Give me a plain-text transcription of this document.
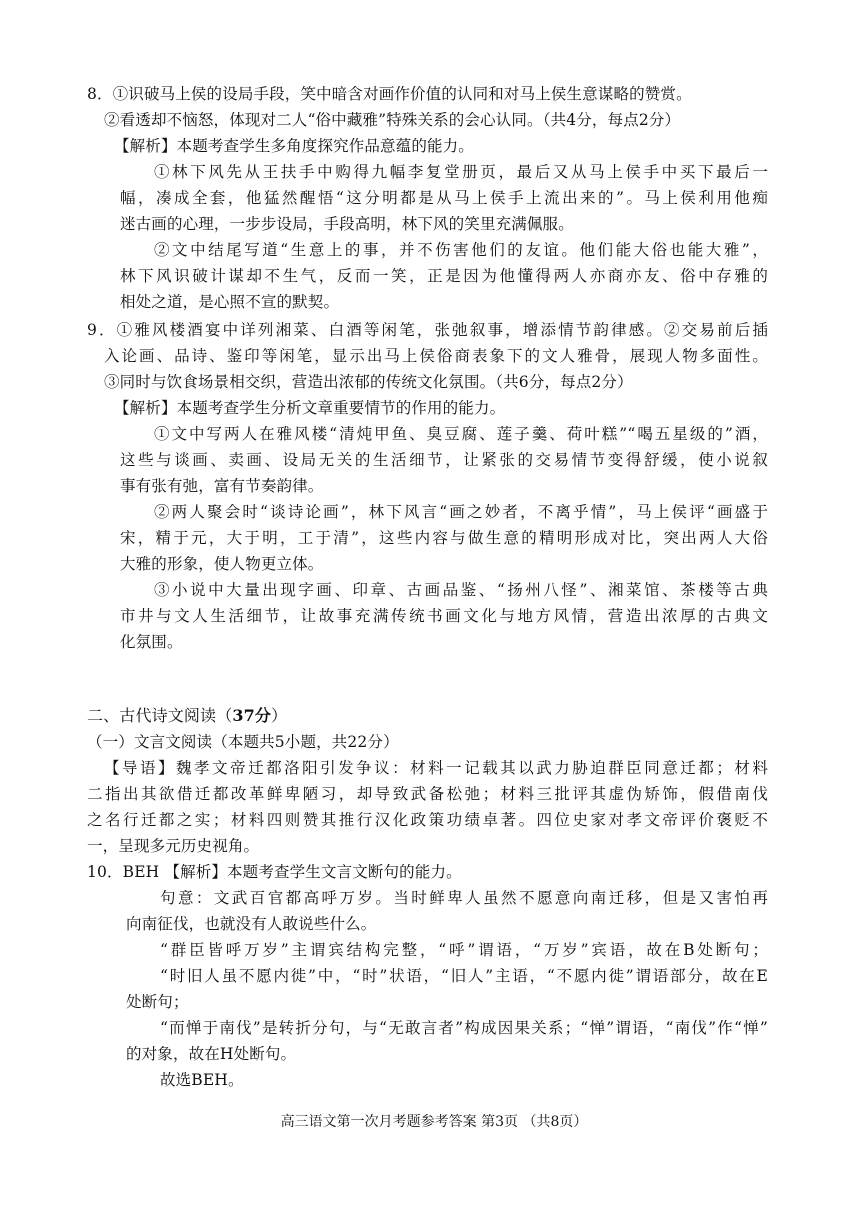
8．①识破马上侯的设局手段，笑中暗含对画作价值的认同和对马上侯生意谋略的赞赏。
②看透却不恼怒，体现对二人“俗中藏雅”特殊关系的会心认同。（共4分，每点2分）
【解析】本题考查学生多角度探究作品意蕴的能力。
①林下风先从王扶手中购得九幅李复堂册页，最后又从马上侯手中买下最后一
幅，凑成全套，他猛然醒悟“这分明都是从马上侯手上流出来的”。马上侯利用他痴
迷古画的心理，一步步设局，手段高明，林下风的笑里充满佩服。
②文中结尾写道“生意上的事，并不伤害他们的友谊。他们能大俗也能大雅”，
林下风识破计谋却不生气，反而一笑，正是因为他懂得两人亦商亦友、俗中存雅的
相处之道，是心照不宣的默契。
9．①雅风楼酒宴中详列湘菜、白酒等闲笔，张弛叙事，增添情节韵律感。②交易前后插
入论画、品诗、鉴印等闲笔，显示出马上侯俗商表象下的文人雅骨，展现人物多面性。
③同时与饮食场景相交织，营造出浓郁的传统文化氛围。（共6分，每点2分）
【解析】本题考查学生分析文章重要情节的作用的能力。
①文中写两人在雅风楼“清炖甲鱼、臭豆腐、莲子羹、荷叶糕”“喝五星级的”酒，
这些与谈画、卖画、设局无关的生活细节，让紧张的交易情节变得舒缓，使小说叙
事有张有弛，富有节奏韵律。
②两人聚会时“谈诗论画”，林下风言“画之妙者，不离乎情”，马上侯评“画盛于
宋，精于元，大于明，工于清”，这些内容与做生意的精明形成对比，突出两人大俗
大雅的形象，使人物更立体。
③小说中大量出现字画、印章、古画品鉴、“扬州八怪”、湘菜馆、茶楼等古典
市井与文人生活细节，让故事充满传统书画文化与地方风情，营造出浓厚的古典文
化氛围。
二、古代诗文阅读（37分）
（一）文言文阅读（本题共5小题，共22分）
【导语】魏孝文帝迁都洛阳引发争议：材料一记载其以武力胁迫群臣同意迁都；材料
二指出其欲借迁都改革鲜卑陋习，却导致武备松弛；材料三批评其虚伪矫饰，假借南伐
之名行迁都之实；材料四则赞其推行汉化政策功绩卓著。四位史家对孝文帝评价褒贬不
一，呈现多元历史视角。
10．BEH 【解析】本题考查学生文言文断句的能力。
句意：文武百官都高呼万岁。当时鲜卑人虽然不愿意向南迁移，但是又害怕再
向南征伐，也就没有人敢说些什么。
“群臣皆呼万岁”主谓宾结构完整，“呼”谓语，“万岁”宾语，故在B处断句；
“时旧人虽不愿内徙”中，“时”状语，“旧人”主语，“不愿内徙”谓语部分，故在E
处断句；
“而惮于南伐”是转折分句，与“无敢言者”构成因果关系；“惮”谓语，“南伐”作“惮”
的对象，故在H处断句。
故选BEH。
高三语文第一次月考题参考答案 第3页 （共8页）
